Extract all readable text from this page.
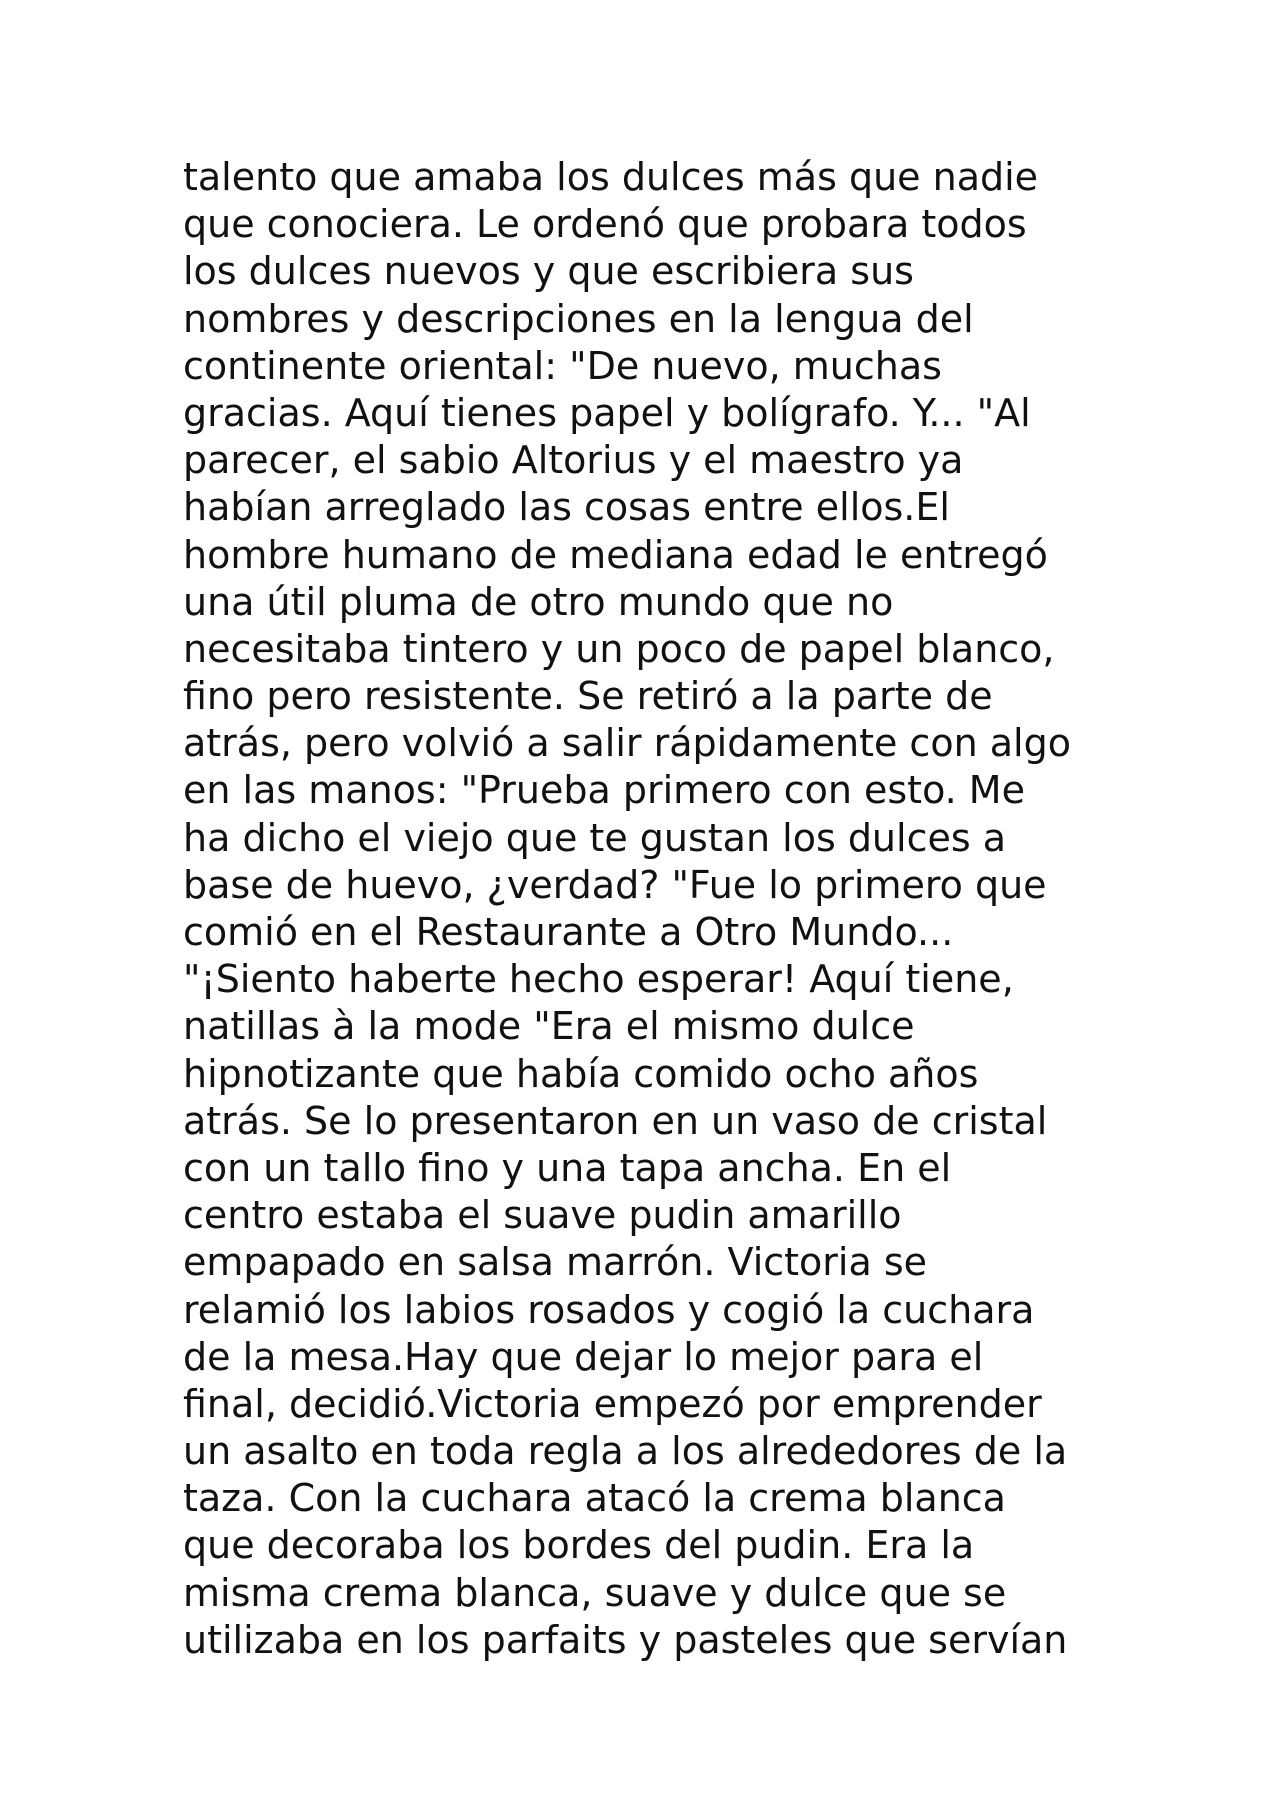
talento que amaba los dulces más que nadie
que conociera. Le ordenó que probara todos
los dulces nuevos y que escribiera sus
nombres y descripciones en la lengua del
continente oriental: "De nuevo, muchas
gracias. Aquí tienes papel y bolígrafo. Y... "Al
parecer, el sabio Altorius y el maestro ya
habían arreglado las cosas entre ellos.El
hombre humano de mediana edad le entregó
una útil pluma de otro mundo que no
necesitaba tintero y un poco de papel blanco,
fino pero resistente. Se retiró a la parte de
atrás, pero volvió a salir rápidamente con algo
en las manos: "Prueba primero con esto. Me
ha dicho el viejo que te gustan los dulces a
base de huevo, ¿verdad? "Fue lo primero que
comió en el Restaurante a Otro Mundo...
"¡Siento haberte hecho esperar! Aquí tiene,
natillas à la mode "Era el mismo dulce
hipnotizante que había comido ocho años
atrás. Se lo presentaron en un vaso de cristal
con un tallo fino y una tapa ancha. En el
centro estaba el suave pudin amarillo
empapado en salsa marrón. Victoria se
relamió los labios rosados y cogió la cuchara
de la mesa.Hay que dejar lo mejor para el
final, decidió.Victoria empezó por emprender
un asalto en toda regla a los alrededores de la
taza. Con la cuchara atacó la crema blanca
que decoraba los bordes del pudin. Era la
misma crema blanca, suave y dulce que se
utilizaba en los parfaits y pasteles que servían
